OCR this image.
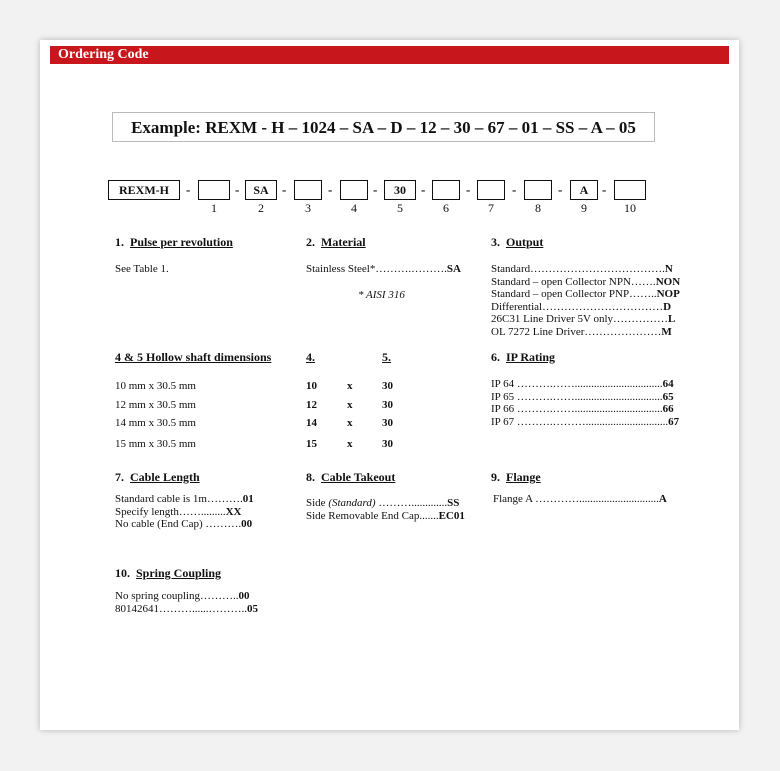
Ordering Code
Example: REXM - H – 1024 – SA – D – 12 – 30 – 67 – 01 – SS – A – 05
REXM-H	-	-	SA	-	-	-	30	-	-	-	-	A	-
1	2	3	4	5	6	7	8	9	10
1. Pulse per revolution
See Table 1.
2. Material
Stainless Steel*……….……….SA
* AISI 316
3. Output
Standard……………………………….N
Standard – open Collector NPN…….NON
Standard – open Collector PNP……..NOP
Differential……………………………D
26C31 Line Driver 5V only……………L
OL 7272 Line Driver…………………M
4 & 5 Hollow shaft dimensions	4.	5.
10 mm x 30.5 mm	10	x	30
12 mm x 30.5 mm	12	x	30
14 mm x 30.5 mm	14	x	30
15 mm x 30.5 mm	15	x	30
6. IP Rating
IP 64 ……….……................................64
IP 65 ……….……................................65
IP 66 ……….……................................66
IP 67 ……….………..............................67
7. Cable Length
Standard cable is 1m……….01
Specify length…….........XX
No cable (End Cap) ……….00
8. Cable Takeout
Side (Standard) ……….............SS
Side Removable End Cap.......EC01
9. Flange
Flange A ………….............................A
10. Spring Coupling
No spring coupling………..00
80142641………......………..05
